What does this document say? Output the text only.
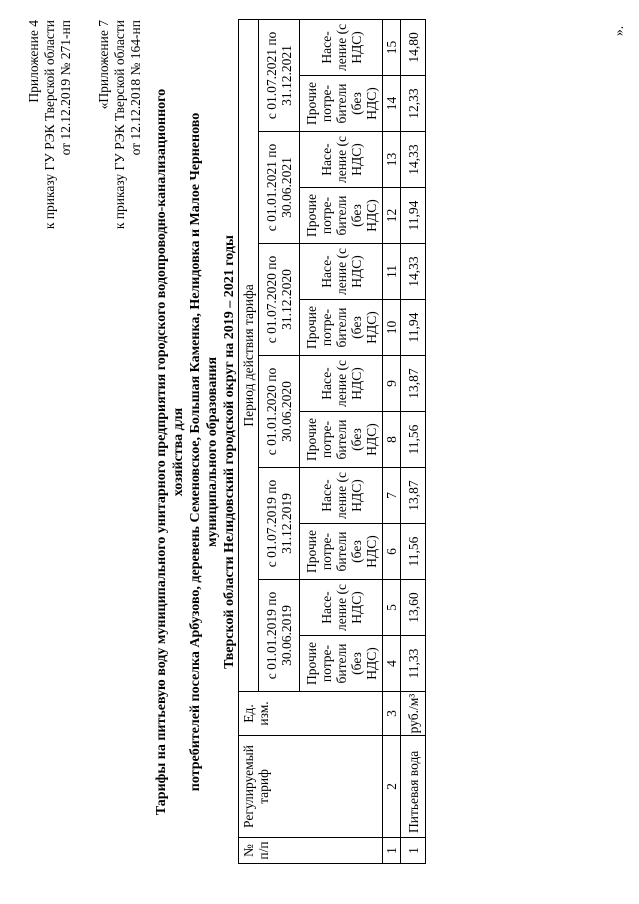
Приложение 4 к приказу ГУ РЭК Тверской области от 12.12.2019 № 271-нп «Приложение 7 к приказу ГУ РЭК Тверской области от 12.12.2018 № 164-нп
Тарифы на питьевую воду муниципального унитарного предприятия городского водопроводно-канализационного хозяйства для потребителей поселка Арбузово, деревень Семеновское, Большая Каменка, Нелидовка и Малое Черненово муниципального образования Тверской области Нелидовский городской округ на 2019 – 2021 годы
№ п/п	Регулируемый тариф	Ед. изм.	Период действия тарифа											
			с 01.01.2019 по 30.06.2019		с 01.07.2019 по 31.12.2019		с 01.01.2020 по 30.06.2020		с 01.07.2020 по 31.12.2020		с 01.01.2021 по 30.06.2021		с 01.07.2021 по 31.12.2021	
			Прочие потре- бители (без НДС)	Насе- ление (с НДС)	Прочие потре- бители (без НДС)	Насе- ление (с НДС)	Прочие потре- бители (без НДС)	Насе- ление (с НДС)	Прочие потре- бители (без НДС)	Насе- ление (с НДС)	Прочие потре- бители (без НДС)	Насе- ление (с НДС)	Прочие потре- бители (без НДС)	Насе- ление (с НДС)
1	2	3	4	5	6	7	8	9	10	11	12	13	14	15
1	Питьевая вода	руб./м³	11,33	13,60	11,56	13,87	11,56	13,87	11,94	14,33	11,94	14,33	12,33	14,80
».
